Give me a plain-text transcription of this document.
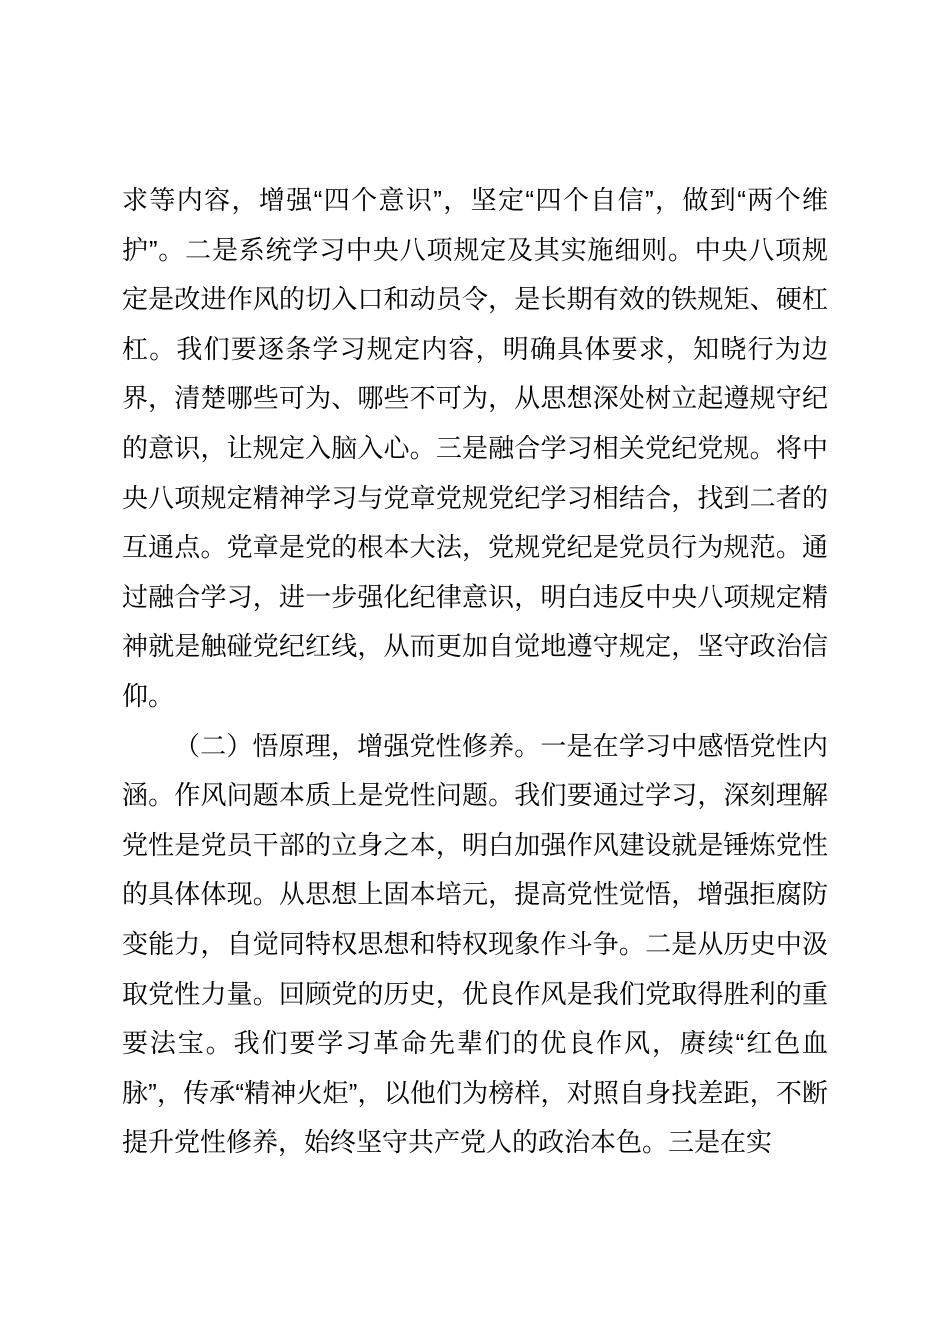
求等内容，增强“四个意识”，坚定“四个自信”，做到“两个维护”。二是系统学习中央八项规定及其实施细则。中央八项规定是改进作风的切入口和动员令，是长期有效的铁规矩、硬杠杠。我们要逐条学习规定内容，明确具体要求，知晓行为边界，清楚哪些可为、哪些不可为，从思想深处树立起遵规守纪的意识，让规定入脑入心。三是融合学习相关党纪党规。将中央八项规定精神学习与党章党规党纪学习相结合，找到二者的互通点。党章是党的根本大法，党规党纪是党员行为规范。通过融合学习，进一步强化纪律意识，明白违反中央八项规定精神就是触碰党纪红线，从而更加自觉地遵守规定，坚守政治信仰。

（二）悟原理，增强党性修养。一是在学习中感悟党性内涵。作风问题本质上是党性问题。我们要通过学习，深刻理解党性是党员干部的立身之本，明白加强作风建设就是锤炼党性的具体体现。从思想上固本培元，提高党性觉悟，增强拒腐防变能力，自觉同特权思想和特权现象作斗争。二是从历史中汲取党性力量。回顾党的历史，优良作风是我们党取得胜利的重要法宝。我们要学习革命先辈们的优良作风，赓续“红色血脉”，传承“精神火炬”，以他们为榜样，对照自身找差距，不断提升党性修养，始终坚守共产党人的政治本色。三是在实
